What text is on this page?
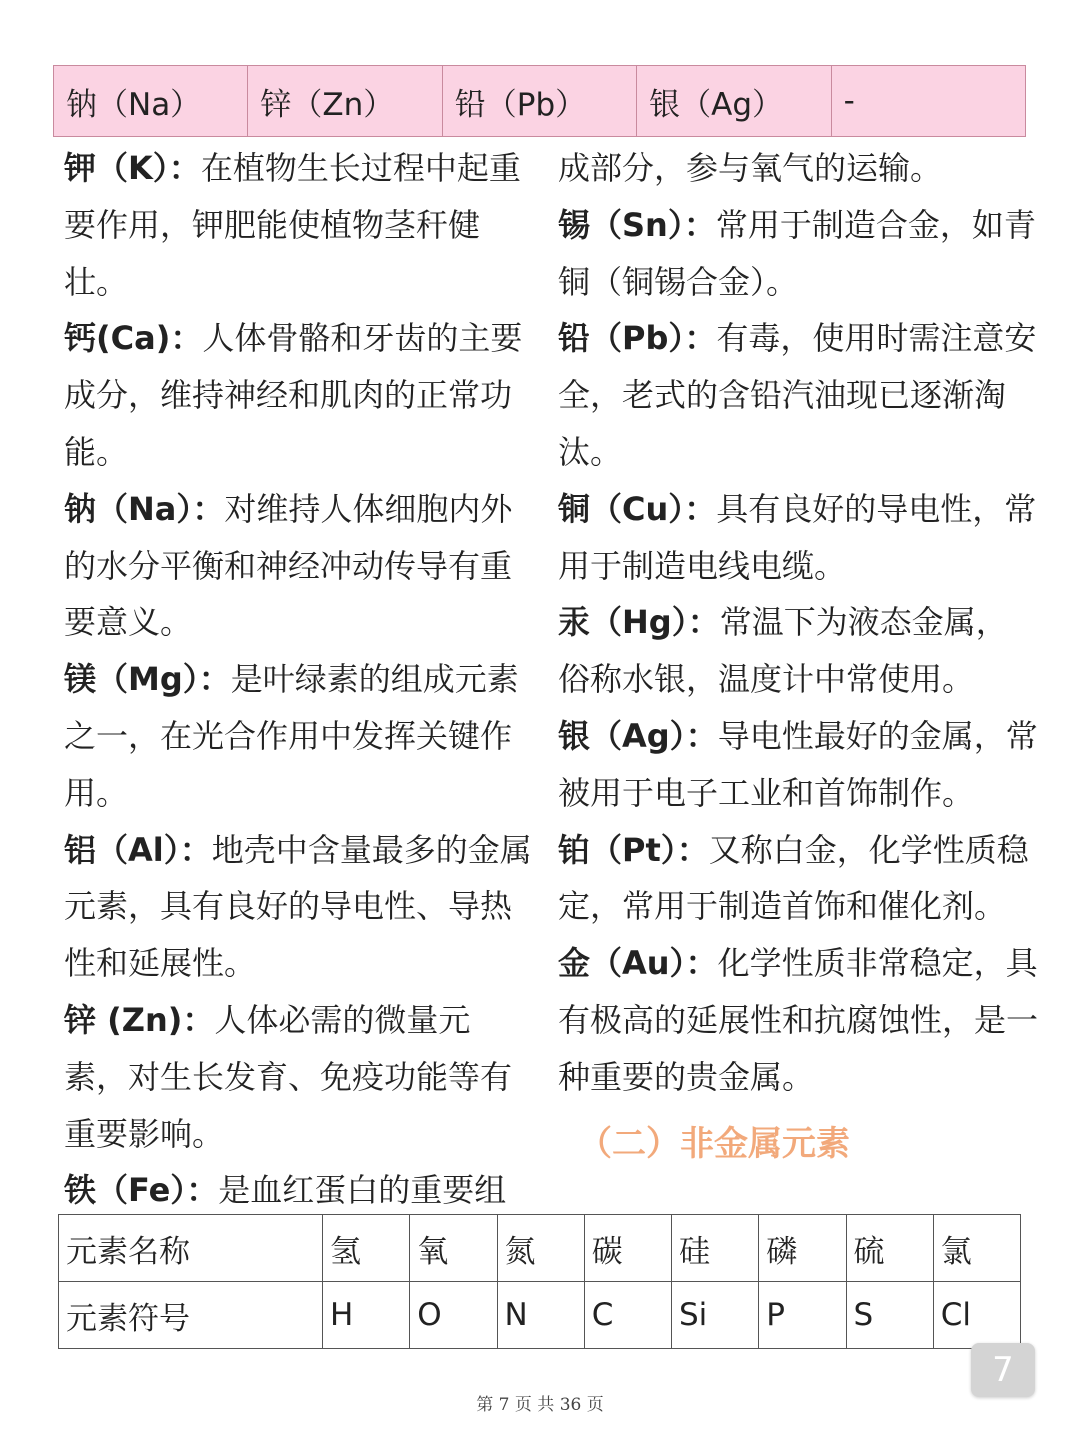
钠（Na）	锌（Zn）	铅（Pb）	银（Ag）	-

钾（K）：在植物生长过程中起重要作用，钾肥能使植物茎秆健壮。

钙(Ca)：人体骨骼和牙齿的主要成分，维持神经和肌肉的正常功能。

钠（Na）：对维持人体细胞内外的水分平衡和神经冲动传导有重要意义。

镁（Mg）：是叶绿素的组成元素之一，在光合作用中发挥关键作用。

铝（Al）：地壳中含量最多的金属元素，具有良好的导电性、导热性和延展性。

锌 (Zn)：人体必需的微量元素，对生长发育、免疫功能等有重要影响。

铁（Fe）：是血红蛋白的重要组

成部分，参与氧气的运输。

锡（Sn）：常用于制造合金，如青铜（铜锡合金）。

铅（Pb）：有毒，使用时需注意安全，老式的含铅汽油现已逐渐淘汰。

铜（Cu）：具有良好的导电性，常用于制造电线电缆。

汞（Hg）：常温下为液态金属，俗称水银，温度计中常使用。

银（Ag）：导电性最好的金属，常被用于电子工业和首饰制作。

铂（Pt）：又称白金，化学性质稳定，常用于制造首饰和催化剂。

金（Au）：化学性质非常稳定，具有极高的延展性和抗腐蚀性，是一种重要的贵金属。

（二）非金属元素
元素名称	氢	氧	氮	碳	硅	磷	硫	氯
元素符号	H	O	N	C	Si	P	S	Cl
7
第 7 页 共 36 页
